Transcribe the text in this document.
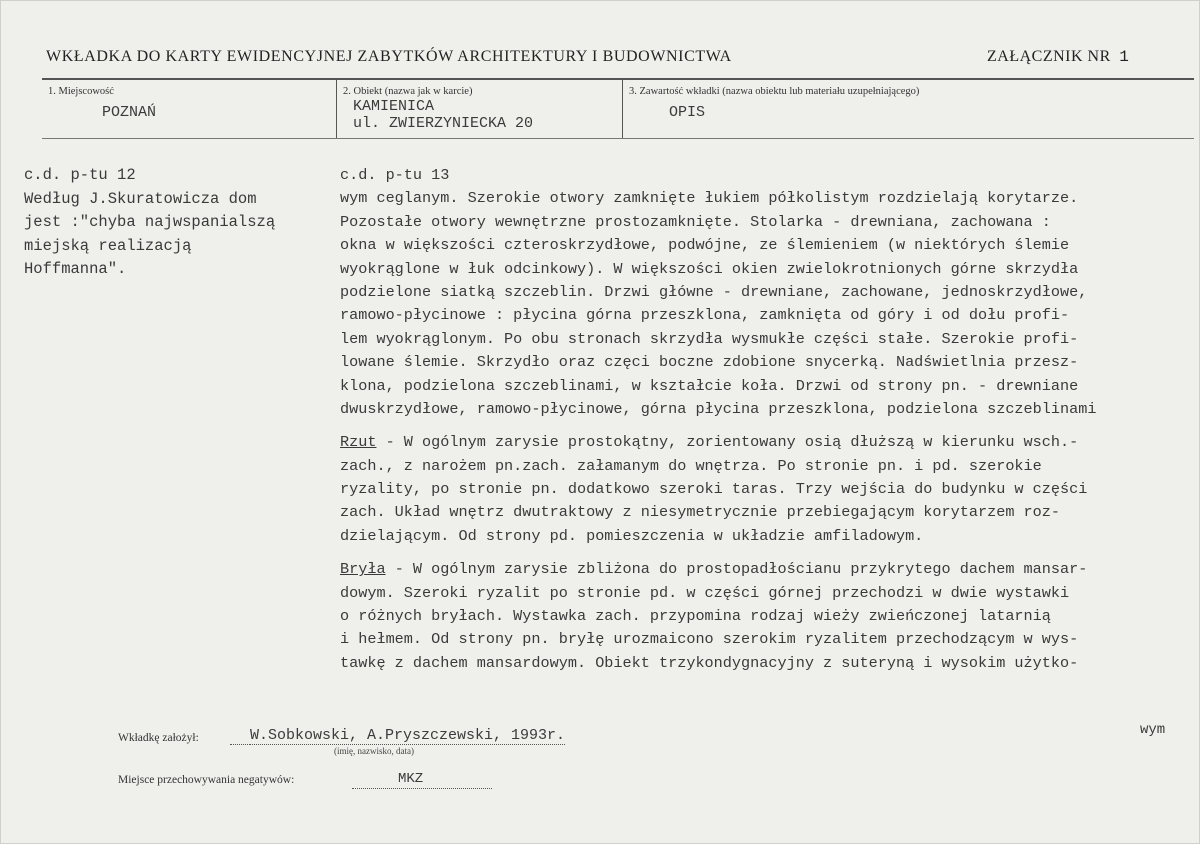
WKŁADKA DO KARTY EWIDENCYJNEJ ZABYTKÓW ARCHITEKTURY I BUDOWNICTWA	ZAŁĄCZNIK NR 1
1. Miejscowość
POZNAŃ
2. Obiekt (nazwa jak w karcie)
KAMIENICA
ul. ZWIERZYNIECKA 20
3. Zawartość wkładki (nazwa obiektu lub materiału uzupełniającego)
OPIS
c.d. p-tu 12
Według J.Skuratowicza dom
jest :"chyba najwspanialszą
miejską realizacją
Hoffmanna".
c.d. p-tu 13
wym ceglanym. Szerokie otwory zamknięte łukiem półkolistym rozdzielają korytarze.
Pozostałe otwory wewnętrzne prostozamknięte. Stolarka - drewniana, zachowana :
okna w większości czteroskrzydłowe, podwójne, ze ślemieniem (w niektórych ślemie
wyokrąglone w łuk odcinkowy). W większości okien zwielokrotnionych górne skrzydła
podzielone siatką szczeblin. Drzwi główne - drewniane, zachowane, jednoskrzydłowe,
ramowo-płycinowe : płycina górna przeszklona, zamknięta od góry i od dołu profi-
lem wyokrąglonym. Po obu stronach skrzydła wysmukłe części stałe. Szerokie profi-
lowane ślemie. Skrzydło oraz częci boczne zdobione snycerką. Nadświetlnia przesz-
klona, podzielona szczeblinami, w kształcie koła. Drzwi od strony pn. - drewniane
dwuskrzydłowe, ramowo-płycinowe, górna płycina przeszklona, podzielona szczeblinami
Rzut - W ogólnym zarysie prostokątny, zorientowany osią dłuższą w kierunku wsch.-
zach., z narożem pn.zach. załamanym do wnętrza. Po stronie pn. i pd. szerokie
ryzality, po stronie pn. dodatkowo szeroki taras. Trzy wejścia do budynku w części
zach. Układ wnętrz dwutraktowy z niesymetrycznie przebiegającym korytarzem roz-
dzielającym. Od strony pd. pomieszczenia w układzie amfiladowym.
Bryła - W ogólnym zarysie zbliżona do prostopadłościanu przykrytego dachem mansar-
dowym. Szeroki ryzalit po stronie pd. w części górnej przechodzi w dwie wystawki
o różnych bryłach. Wystawka zach. przypomina rodzaj wieży zwieńczonej latarnią
i hełmem. Od strony pn. bryłę urozmaicono szerokim ryzalitem przechodzącym w wys-
tawkę z dachem mansardowym. Obiekt trzykondygnacyjny z suteryną i wysokim użytko-
wym
Wkładkę założył:	W.Sobkowski, A.Pryszczewski, 1993r.
(imię, nazwisko, data)
Miejsce przechowywania negatywów:	MKZ
